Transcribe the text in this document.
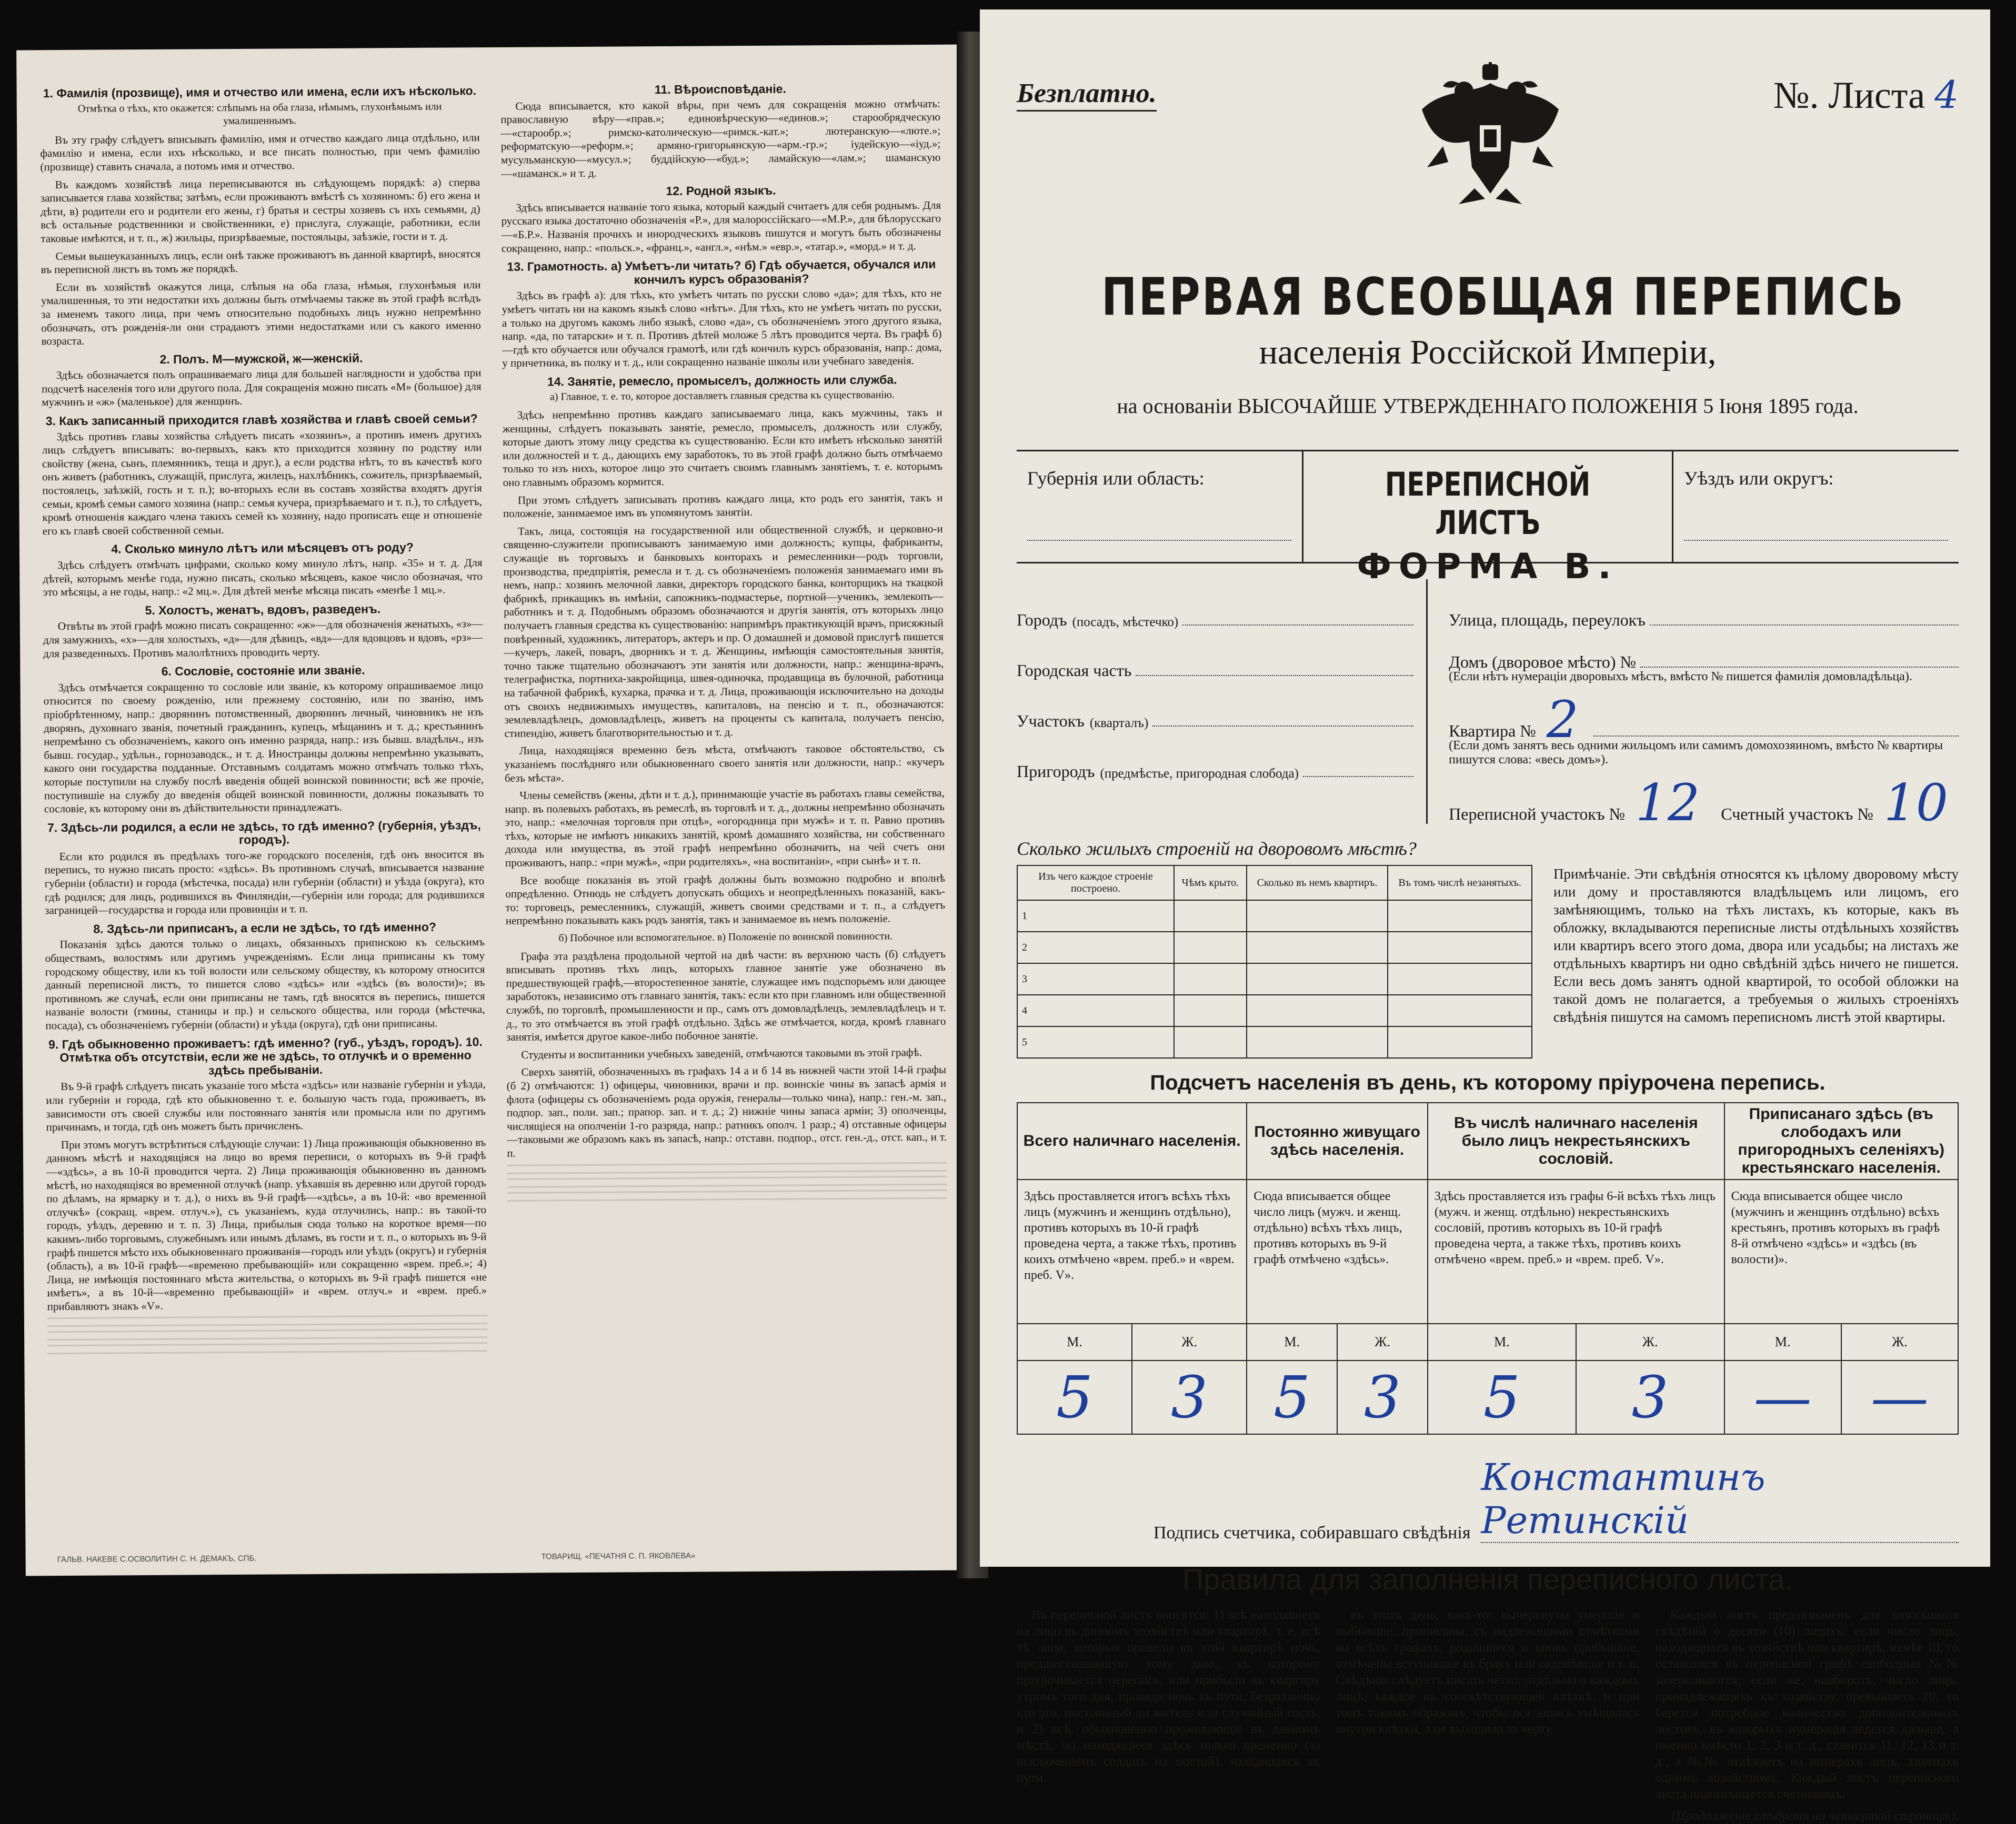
1. Фамилія (прозвище), имя и отчество или имена, если ихъ нѣсколько.
Отмѣтка о тѣхъ, кто окажется: слѣпымъ на оба глаза, нѣмымъ, глухонѣмымъ или умалишеннымъ.

Въ эту графу слѣдуетъ вписывать фамилію, имя и отчество каждаго лица отдѣльно, или фамилію и имена, если ихъ нѣсколько, и все писать полностью, при чемъ фамилію (прозвище) ставить сначала, а потомъ имя и отчество.

Въ каждомъ хозяйствѣ лица переписываются въ слѣдующемъ порядкѣ: а) сперва записывается глава хозяйства; затѣмъ, если проживаютъ вмѣстѣ съ хозяиномъ: б) его жена и дѣти, в) родители его и родители его жены, г) братья и сестры хозяевъ съ ихъ семьями, д) всѣ остальные родственники и свойственники, е) прислуга, служащіе, работники, если таковые имѣются, и т. п., ж) жильцы, призрѣваемые, постояльцы, заѣзжіе, гости и т. д.

Семьи вышеуказанныхъ лицъ, если онѣ также проживаютъ въ данной квартирѣ, вносятся въ переписной листъ въ томъ же порядкѣ.

Если въ хозяйствѣ окажутся лица, слѣпыя на оба глаза, нѣмыя, глухонѣмыя или умалишенныя, то эти недостатки ихъ должны быть отмѣчаемы также въ этой графѣ вслѣдъ за именемъ такого лица, при чемъ относительно подобныхъ лицъ нужно непремѣнно обозначать, отъ рожденія-ли они страдаютъ этими недостатками или съ какого именно возраста.

2. Полъ. М—мужской, ж—женскій.

Здѣсь обозначается полъ опрашиваемаго лица для большей наглядности и удобства при подсчетѣ населенія того или другого пола. Для сокращенія можно писать «М» (большое) для мужчинъ и «ж» (маленькое) для женщинъ.

3. Какъ записанный приходится главѣ хозяйства и главѣ своей семьи?

Здѣсь противъ главы хозяйства слѣдуетъ писать «хозяинъ», а противъ именъ другихъ лицъ слѣдуетъ вписывать: во-первыхъ, какъ кто приходится хозяину по родству или свойству (жена, сынъ, племянникъ, теща и друг.), а если родства нѣтъ, то въ качествѣ кого онъ живетъ (работникъ, служащій, прислуга, жилецъ, нахлѣбникъ, сожитель, призрѣваемый, постоялецъ, заѣзжій, гость и т. п.); во-вторыхъ если въ составъ хозяйства входятъ другія семьи, кромѣ семьи самого хозяина (напр.: семья кучера, призрѣваемаго и т. п.), то слѣдуетъ, кромѣ отношенія каждаго члена такихъ семей къ хозяину, надо прописать еще и отношеніе его къ главѣ своей собственной семьи.

4. Сколько минуло лѣтъ или мѣсяцевъ отъ роду?

Здѣсь слѣдуетъ отмѣчать цифрами, сколько кому минуло лѣтъ, напр. «35» и т. д. Для дѣтей, которымъ менѣе года, нужно писать, сколько мѣсяцевъ, какое число обозначая, что это мѣсяцы, а не годы, напр.: «2 мц.». Для дѣтей менѣе мѣсяца писать «менѣе 1 мц.».

5. Холостъ, женатъ, вдовъ, разведенъ.

Отвѣты въ этой графѣ можно писать сокращенно: «ж»—для обозначенія женатыхъ, «з»—для замужнихъ, «х»—для холостыхъ, «д»—для дѣвицъ, «вд»—для вдовцовъ и вдовъ, «рз»—для разведенныхъ. Противъ малолѣтнихъ проводить черту.

6. Сословіе, состояніе или званіе.

Здѣсь отмѣчается сокращенно то сословіе или званіе, къ которому опрашиваемое лицо относится по своему рожденію, или прежнему состоянію, или по званію, имъ пріобрѣтенному, напр.: дворянинъ потомственный, дворянинъ личный, чиновникъ не изъ дворянъ, духовнаго званія, почетный гражданинъ, купецъ, мѣщанинъ и т. д.; крестьянинъ непремѣнно съ обозначеніемъ, какого онъ именно разряда, напр.: изъ бывш. владѣльч., изъ бывш. государ., удѣльн., горнозаводск., и т. д. Иностранцы должны непремѣнно указывать, какого они государства подданные. Отставнымъ солдатамъ можно отмѣчать только тѣхъ, которые поступили на службу послѣ введенія общей воинской повинности; всѣ же прочіе, поступившіе на службу до введенія общей воинской повинности, должны показывать то сословіе, къ которому они въ дѣйствительности принадлежатъ.

7. Здѣсь-ли родился, а если не здѣсь, то гдѣ именно? (губернія, уѣздъ, городъ).

Если кто родился въ предѣлахъ того-же городского поселенія, гдѣ онъ вносится въ перепись, то нужно писать просто: «здѣсь». Въ противномъ случаѣ, вписывается название губерніи (области) и города (мѣстечка, посада) или губерніи (области) и уѣзда (округа), кто гдѣ родился; для лицъ, родившихся въ Финляндіи,—губерніи или города; для родившихся заграницей—государства и города или провинціи и т. п.

8. Здѣсь-ли приписанъ, а если не здѣсь, то гдѣ именно?

Показанія здѣсь даются только о лицахъ, обязанныхъ припискою къ сельскимъ обществамъ, волостямъ или другимъ учрежденіямъ. Если лица приписаны къ тому городскому обществу, или къ той волости или сельскому обществу, къ которому относится данный переписной листъ, то пишется слово «здѣсь» или «здѣсь (въ волости)»; въ противномъ же случаѣ, если они приписаны не тамъ, гдѣ вносятся въ перепись, пишется названіе волости (гмины, станицы и пр.) и сельского общества, или города (мѣстечка, посада), съ обозначеніемъ губерніи (области) и уѣзда (округа), гдѣ они приписаны.

9. Гдѣ обыкновенно проживаетъ: гдѣ именно? (губ., уѣздъ, городъ). 10. Отмѣтка объ отсутствіи, если же не здѣсь, то отлучкѣ и о временно здѣсь пребываніи.

Въ 9-й графѣ слѣдуетъ писать указаніе того мѣста «здѣсь» или названіе губерніи и уѣзда, или губерніи и города, гдѣ кто обыкновенно т. е. большую часть года, проживаетъ, въ зависимости отъ своей службы или постояннаго занятія или промысла или по другимъ причинамъ, и тогда, гдѣ онъ можетъ быть причисленъ.

При этомъ могутъ встрѣтиться слѣдующіе случаи: 1) Лица проживающія обыкновенно въ данномъ мѣстѣ и находящіяся на лицо во время переписи, о которыхъ въ 9-й графѣ—«здѣсь», а въ 10-й проводится черта. 2) Лица проживающія обыкновенно въ данномъ мѣстѣ, но находящіяся во временной отлучкѣ (напр. уѣхавшія въ деревню или другой городъ по дѣламъ, на ярмарку и т. д.), о нихъ въ 9-й графѣ—«здѣсь», а въ 10-й: «во временной отлучкѣ» (сокращ. «врем. отлуч.»), съ указаніемъ, куда отлучились, напр.: въ такой-то городъ, уѣздъ, деревню и т. п. 3) Лица, прибылыя сюда только на короткое время—по какимъ-либо торговымъ, служебнымъ или инымъ дѣламъ, въ гости и т. п., о которыхъ въ 9-й графѣ пишется мѣсто ихъ обыкновеннаго проживанія—городъ или уѣздъ (округъ) и губернія (область), а въ 10-й графѣ—«временно пребывающій» или сокращенно «врем. преб.»; 4) Лица, не имѣющія постояннаго мѣста жительства, о которыхъ въ 9-й графѣ пишется «не имѣетъ», а въ 10-й—«временно пребывающій» и «врем. отлуч.» и «врем. преб.» прибавляютъ знакъ «V».

11. Вѣроисповѣданіе.

Сюда вписывается, кто какой вѣры, при чемъ для сокращенія можно отмѣчать: православную вѣру—«прав.»; единовѣрческую—«единов.»; старообрядческую—«старообр.»; римско-католическую—«римск.-кат.»; лютеранскую—«люте.»; реформатскую—«реформ.»; армяно-григорьянскую—«арм.-гр.»; іудейскую—«іуд.»; мусульманскую—«мусул.»; буддійскую—«буд.»; ламайскую—«лам.»; шаманскую—«шаманск.» и т. д.

12. Родной языкъ.

Здѣсь вписывается названіе того языка, который каждый считаетъ для себя роднымъ. Для русскаго языка достаточно обозначенія «Р.», для малороссійскаго—«М.Р.», для бѣлорусскаго—«Б.Р.». Названія прочихъ и инородческихъ языковъ пишутся и могутъ быть обозначены сокращенно, напр.: «польск.», «франц.», «англ.», «нѣм.» «евр.», «татар.», «морд.» и т. д.

13. Грамотность. а) Умѣетъ-ли читать? б) Гдѣ обучается, обучался или кончилъ курсъ образованія?

Здѣсь въ графѣ а): для тѣхъ, кто умѣетъ читать по русски слово «да»; для тѣхъ, кто не умѣетъ читать ни на какомъ языкѣ слово «нѣтъ». Для тѣхъ, кто не умѣетъ читать по русски, а только на другомъ какомъ либо языкѣ, слово «да», съ обозначеніемъ этого другого языка, напр. «да, по татарски» и т. п. Противъ дѣтей моложе 5 лѣтъ проводится черта. Въ графѣ б)—гдѣ кто обучается или обучался грамотѣ, или гдѣ кончилъ курсъ образованія, напр.: дома, у причетника, въ полку и т. д., или сокращенно названіе школы или учебнаго заведенія.

14. Занятіе, ремесло, промыселъ, должность или служба.
а) Главное, т. е. то, которое доставляетъ главныя средства къ существованію.

Здѣсь непремѣнно противъ каждаго записываемаго лица, какъ мужчины, такъ и женщины, слѣдуетъ показывать занятіе, ремесло, промыселъ, должность или службу, которые даютъ этому лицу средства къ существованію. Если кто имѣетъ нѣсколько занятій или должностей и т. д., дающихъ ему заработокъ, то въ этой графѣ должно быть отмѣчаемо только то изъ нихъ, которое лицо это считаетъ своимъ главнымъ занятіемъ, т. е. которымъ оно главнымъ образомъ кормится.

При этомъ слѣдуетъ записывать противъ каждаго лица, кто родъ его занятія, такъ и положеніе, занимаемое имъ въ упомянутомъ занятіи.

Такъ, лица, состоящія на государственной или общественной службѣ, и церковно-и священно-служители прописываютъ занимаемую ими должность; купцы, фабриканты, служащіе въ торговыхъ и банковыхъ конторахъ и ремесленники—родъ торговли, производства, предпріятія, ремесла и т. д. съ обозначеніемъ положенія занимаемаго ими въ немъ, напр.: хозяинъ мелочной лавки, директоръ городского банка, конторщикъ на ткацкой фабрикѣ, прикащикъ въ имѣніи, сапожникъ-подмастерье, портной—ученикъ, землекопъ—работникъ и т. д. Подобнымъ образомъ обозначаются и другія занятія, отъ которыхъ лицо получаетъ главныя средства къ существованію: напримѣръ практикующій врачъ, присяжный повѣренный, художникъ, литераторъ, актеръ и пр. О домашней и домовой прислугѣ пишется—кучеръ, лакей, поваръ, дворникъ и т. д. Женщины, имѣющія самостоятельныя занятія, точно также тщательно обозначаютъ эти занятія или должности, напр.: женщина-врачъ, телеграфистка, портниха-закройщица, швея-одиночка, продавщица въ булочной, работница на табачной фабрикѣ, кухарка, прачка и т. д. Лица, проживающія исключительно на доходы отъ своихъ недвижимыхъ имуществъ, капиталовъ, на пенсію и т. п., обозначаются: землевладѣлецъ, домовладѣлецъ, живетъ на проценты съ капитала, получаетъ пенсію, стипендію, живетъ благотворительностью и т. д.

Лица, находящіяся временно безъ мѣста, отмѣчаютъ таковое обстоятельство, съ указаніемъ послѣдняго или обыкновеннаго своего занятія или должности, напр.: «кучеръ безъ мѣста».

Члены семействъ (жены, дѣти и т. д.), принимающіе участіе въ работахъ главы семейства, напр. въ полевыхъ работахъ, въ ремеслѣ, въ торговлѣ и т. д., должны непремѣнно обозначать это, напр.: «мелочная торговля при отцѣ», «огородница при мужѣ» и т. п. Равно противъ тѣхъ, которые не имѣютъ никакихъ занятій, кромѣ домашняго хозяйства, ни собственнаго дохода или имущества, въ этой графѣ непремѣнно обозначить, на чей счетъ они проживаютъ, напр.: «при мужѣ», «при родителяхъ», «на воспитаніи», «при сынѣ» и т. п.

Все вообще показанія въ этой графѣ должны быть возможно подробно и вполнѣ опредѣленно. Отнюдь не слѣдуетъ допускать общихъ и неопредѣленныхъ показаній, какъ-то: торговецъ, ремесленникъ, служащій, живетъ своими средствами и т. п., а слѣдуетъ непремѣнно показывать какъ родъ занятія, такъ и занимаемое въ немъ положеніе.

б) Побочное или вспомогательное. в) Положеніе по воинской повинности.

Графа эта раздѣлена продольной чертой на двѣ части: въ верхнюю часть (б) слѣдуетъ вписывать противъ тѣхъ лицъ, которыхъ главное занятіе уже обозначено въ предшествующей графѣ,—второстепенное занятіе, служащее имъ подспорьемъ или дающее заработокъ, независимо отъ главнаго занятія, такъ: если кто при главномъ или общественной службѣ, по торговлѣ, промышленности и пр., самъ отъ домовладѣлецъ, землевладѣлецъ и т. д., то это отмѣчается въ этой графѣ отдѣльно. Здѣсь же отмѣчается, когда, кромѣ главнаго занятія, имѣется другое какое-либо побочное занятіе.

Студенты и воспитанники учебныхъ заведеній, отмѣчаются таковыми въ этой графѣ.

Сверхъ занятій, обозначенныхъ въ графахъ 14 а и б 14 въ нижней части этой 14-й графы (б 2) отмѣчаются: 1) офицеры, чиновники, врачи и пр. воинскіе чины въ запасѣ армія и флота (офицеры съ обозначеніемъ рода оружія, генералы—только чина), напр.: ген.-м. зап., подпор. зап., поли. зап.; прапор. зап. и т. д.; 2) нижніе чины запаса арміи; 3) ополченцы, числящіеся на ополченіи 1-го разряда, напр.: ратникъ ополч. 1 разр.; 4) отставные офицеры—таковыми же образомъ какъ въ запасѣ, напр.: отставн. подпор., отст. ген.-д., отст. кап., и т. п.

ГАЛЬВ. НАКЕВЕ С.ОСВОЛИТИН С. Н. ДЕМАКЪ, СПБ.	ТОВАРИЩ. «ПЕЧАТНЯ С. П. ЯКОВЛЕВА»
Безплатно.	№. Листа 4
ПЕРВАЯ ВСЕОБЩАЯ ПЕРЕПИСЬ
населенія Россійской Имперіи,
на основаніи ВЫСОЧАЙШЕ УТВЕРЖДЕННАГО ПОЛОЖЕНІЯ 5 Іюня 1895 года.
Губернія или область:	ПЕРЕПИСНОЙ ЛИСТЪ
ФОРМА В.
Уѣздъ или округъ:
Городъ (посадъ, мѣстечко)
Городская часть
Участокъ (кварталъ)
Пригородъ (предмѣстье, пригородная слобода)
Улица, площадь, переулокъ
Домъ (дворовое мѣсто) №
(Если нѣтъ нумераціи дворовыхъ мѣстъ, вмѣсто № пишется фамилія домовладѣльца).
Квартира № 2
(Если домъ занятъ весь одними жильцомъ или самимъ домохозяиномъ, вмѣсто № квартиры пишутся слова: «весь домъ»).
Переписной участокъ № 12	Счетный участокъ № 10
Сколько жилыхъ строеній на дворовомъ мѣстѣ?
Изъ чего каждое строеніе построено.	Чѣмъ крыто.	Сколько въ немъ квартиръ.	Въ томъ числѣ незанятыхъ.
1			
2			
3			
4			
5			
Примѣчаніе. Эти свѣдѣнія относятся къ цѣлому дворовому мѣсту или дому и проставляются владѣльцемъ или лицомъ, его замѣняющимъ, только на тѣхъ листахъ, къ которые, какъ въ обложку, вкладываются переписные листы отдѣльныхъ хозяйствъ или квартиръ всего этого дома, двора или усадьбы; на листахъ же отдѣльныхъ квартиръ ни одно свѣдѣній здѣсь ничего не пишется. Если весь домъ занятъ одной квартирой, то особой обложки на такой домъ не полагается, а требуемыя о жилыхъ строеніяхъ свѣдѣнія пишутся на самомъ переписномъ листѣ этой квартиры.
Подсчетъ населенія въ день, къ которому пріурочена перепись.
Всего наличнаго населенія.		Постоянно живущаго здѣсь населенія.		Въ числѣ наличнаго населенія было лицъ некрестьянскихъ сословій.		Приписанаго здѣсь (въ слободахъ или пригородныхъ селеніяхъ) крестьянскаго населенія.	
Здѣсь проставляется итогъ всѣхъ тѣхъ лицъ (мужчинъ и женщинъ отдѣльно), противъ которыхъ въ 10-й графѣ проведена черта, а также тѣхъ, противъ коихъ отмѣчено «врем. преб.» и «врем. преб. V».		Сюда вписывается общее число лицъ (мужч. и женщ. отдѣльно) всѣхъ тѣхъ лицъ, противъ которыхъ въ 9-й графѣ отмѣчено «здѣсь».		Здѣсь проставляется изъ графы 6-й всѣхъ тѣхъ лицъ (мужч. и женщ. отдѣльно) некрестьянскихъ сословій, противъ которыхъ въ 10-й графѣ проведена черта, а также тѣхъ, противъ коихъ отмѣчено «врем. преб.» и «врем. преб. V».		Сюда вписывается общее число (мужчинъ и женщинъ отдѣльно) всѣхъ крестьянъ, противъ которыхъ въ графѣ 8-й отмѣчено «здѣсь» и «здѣсь (въ волости)».	
М.	Ж.	М.	Ж.	М.	Ж.	М.	Ж.
5	3	5	3	5	3	—	—
Подпись счетчика, собиравшаго свѣдѣнія
Константинъ Ретинскій
Правила для заполненія переписного листа.

Въ переписной листъ вносятся: 1) всѣ находящіеся на лицо въ данномъ хозяйствѣ или квартирѣ, т. е. всѣ тѣ лица, которыя провели въ этой квартирѣ ночь, предшествовавшую тому дню, къ которому пріурочивается перепись, или прибыли въ квартиру утромъ того дня, проведя ночь въ пути, безразлично кто это, постоянный ли житель или случайный гость, и 2) всѣ, обыкновенно проживающіе въ данномъ мѣстѣ, но находящіеся здѣсь только временно (за исключеніемъ солдатъ на постой), находящіяся въ пути.

въ этотъ день, какъ-то: вычеркнуты умершіе и выбывшіе, приписаны, съ надлежащими отмѣтками во всѣхъ графахъ, родившіеся и вновь прибывшіе, отмѣчены вступившіе въ бракъ или овдовѣвшіе и т. п. Свѣдѣнія слѣдуетъ писать четко, отдѣльно о каждомъ лицѣ, каждое въ соотвѣтствующей клѣткѣ, и при томъ такимъ образомъ, чтобы вся запись умѣщалась внутри клѣтки, а не выходила за черту.

Каждый листъ предназначенъ для записыванія свѣдѣній о десяти (10) лицахъ; если число лицъ, находящихся въ хозяйствѣ или квартирѣ, менѣе 10, то оставшіяся въ переписной графѣ свободныя №№ зачеркиваются; если же, наоборотъ, число лицъ, принадлежащихъ къ хозяйству, превышаетъ 10, то берется потребное количество дополнительныхъ листовъ, въ которыхъ нумерація ведется дальше, а именно вмѣсто 1, 2, 3 и т. д., ставится 11, 12, 13 и т. д., а №№ отвѣчаетъ на номерахъ лицъ, занятыхъ однимъ хозяйствомъ. Каждый листъ переписного листа подписывается счетчикомъ.

(Продолженіе слѣдуетъ на четвертой страницѣ).
